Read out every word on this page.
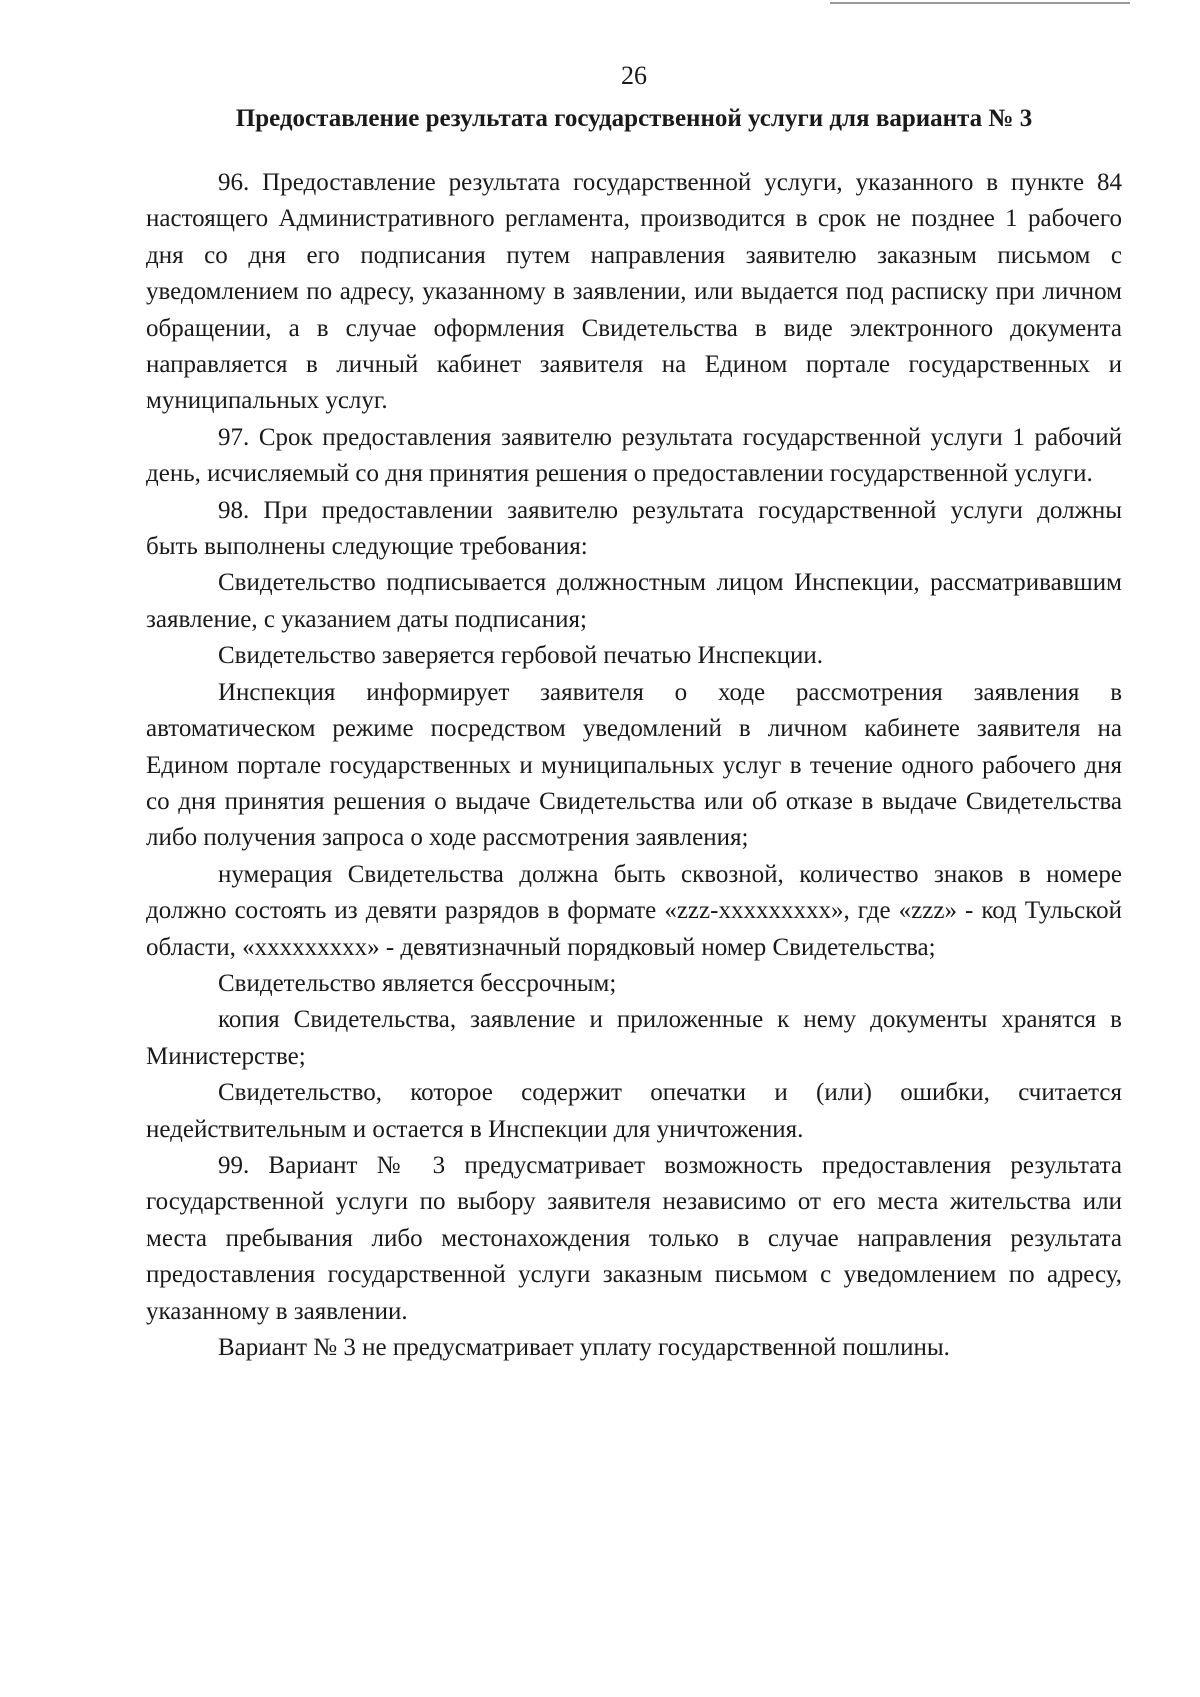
26
Предоставление результата государственной услуги для варианта № 3

96. Предоставление результата государственной услуги, указанного в пункте 84 настоящего Административного регламента, производится в срок не позднее 1 рабочего дня со дня его подписания путем направления заявителю заказным письмом с уведомлением по адресу, указанному в заявлении, или выдается под расписку при личном обращении, а в случае оформления Свидетельства в виде электронного документа направляется в личный кабинет заявителя на Едином портале государственных и муниципальных услуг.

97. Срок предоставления заявителю результата государственной услуги 1 рабочий день, исчисляемый со дня принятия решения о предоставлении государственной услуги.

98. При предоставлении заявителю результата государственной услуги должны быть выполнены следующие требования:

Свидетельство подписывается должностным лицом Инспекции, рассматривавшим заявление, с указанием даты подписания;

Свидетельство заверяется гербовой печатью Инспекции.

Инспекция информирует заявителя о ходе рассмотрения заявления в автоматическом режиме посредством уведомлений в личном кабинете заявителя на Едином портале государственных и муниципальных услуг в течение одного рабочего дня со дня принятия решения о выдаче Свидетельства или об отказе в выдаче Свидетельства либо получения запроса о ходе рассмотрения заявления;

нумерация Свидетельства должна быть сквозной, количество знаков в номере должно состоять из девяти разрядов в формате «zzz-xxxxxxxxx», где «zzz» - код Тульской области, «xxxxxxxxx» - девятизначный порядковый номер Свидетельства;

Свидетельство является бессрочным;

копия Свидетельства, заявление и приложенные к нему документы хранятся в Министерстве;

Свидетельство, которое содержит опечатки и (или) ошибки, считается недействительным и остается в Инспекции для уничтожения.

99. Вариант № 3 предусматривает возможность предоставления результата государственной услуги по выбору заявителя независимо от его места жительства или места пребывания либо местонахождения только в случае направления результата предоставления государственной услуги заказным письмом с уведомлением по адресу, указанному в заявлении.

Вариант № 3 не предусматривает уплату государственной пошлины.
